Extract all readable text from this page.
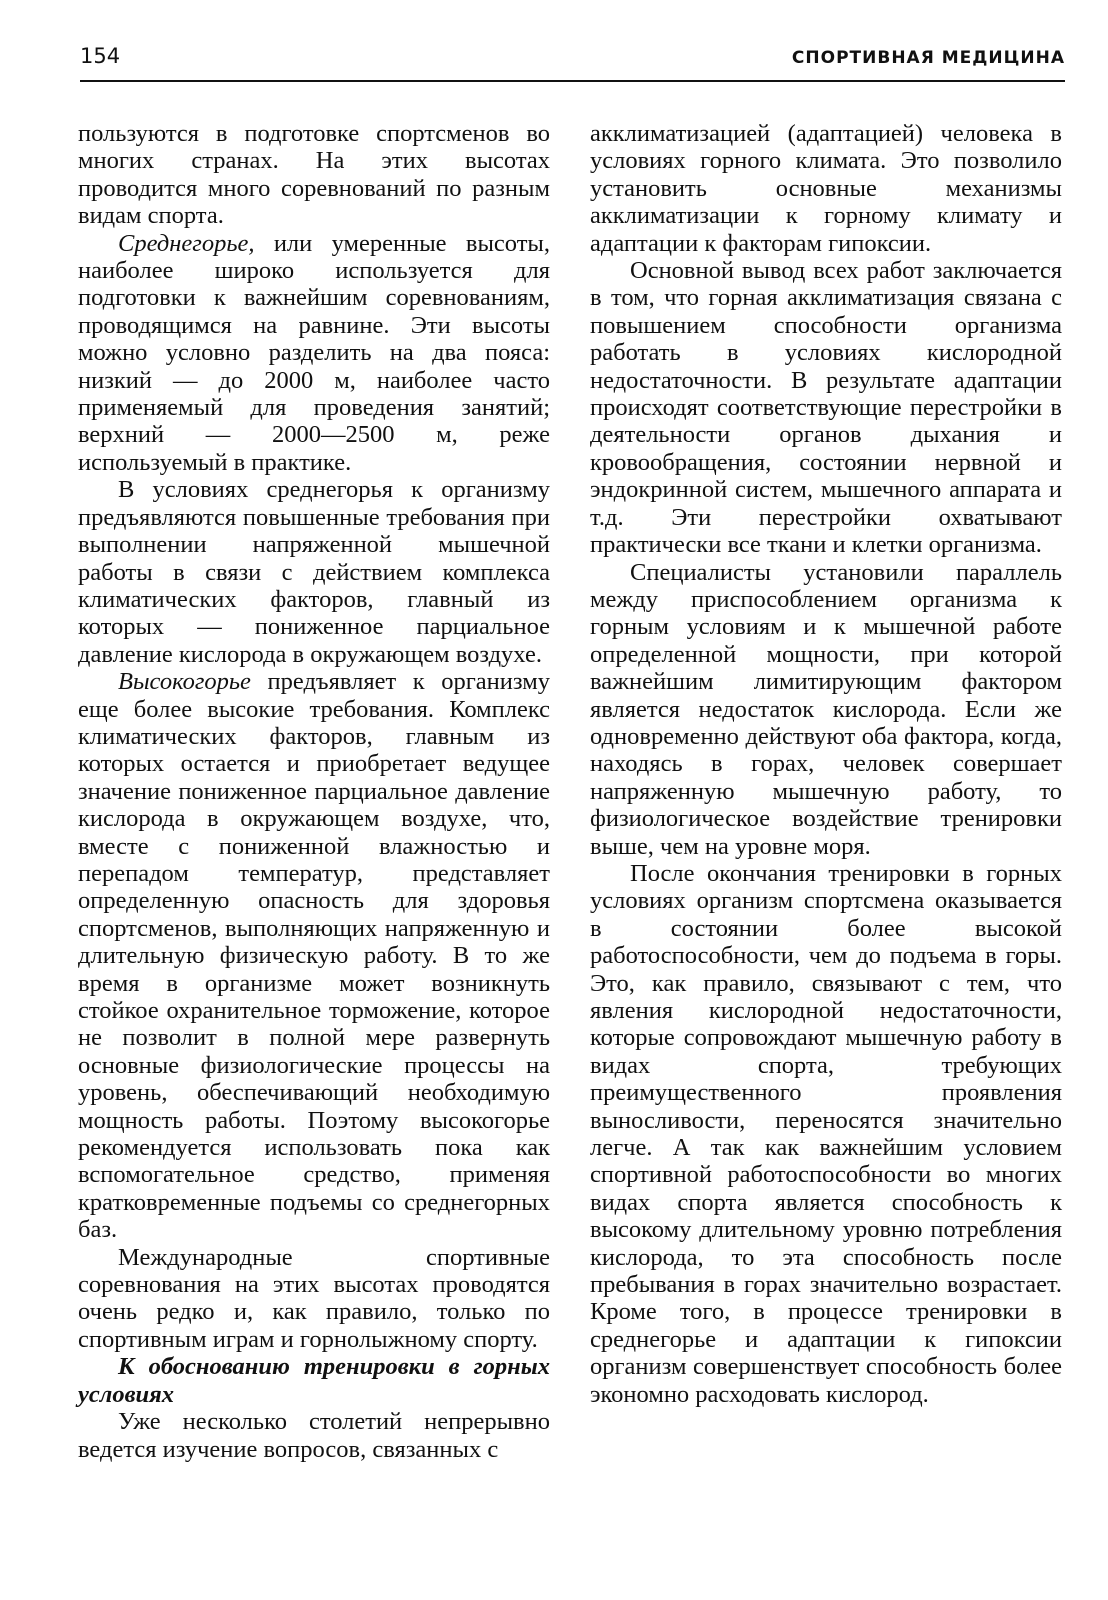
154	СПОРТИВНАЯ МЕДИЦИНА

пользуются в подготовке спортсменов во многих странах. На этих высотах проводится много соревнований по разным видам спорта.

Среднегорье, или умеренные высоты, наиболее широко используется для подготовки к важнейшим соревнованиям, проводящимся на равнине. Эти высоты можно условно разделить на два пояса: низкий — до 2000 м, наиболее часто применяемый для проведения занятий; верхний — 2000—2500 м, реже используемый в практике.

В условиях среднегорья к организму предъявляются повышенные требования при выполнении напряженной мышечной работы в связи с действием комплекса климатических факторов, главный из которых — пониженное парциальное давление кислорода в окружающем воздухе.

Высокогорье предъявляет к организму еще более высокие требования. Комплекс климатических факторов, главным из которых остается и приобретает ведущее значение пониженное парциальное давление кислорода в окружающем воздухе, что, вместе с пониженной влажностью и перепадом температур, представляет определенную опасность для здоровья спортсменов, выполняющих напряженную и длительную физическую работу. В то же время в организме может возникнуть стойкое охранительное торможение, которое не позволит в полной мере развернуть основные физиологические процессы на уровень, обеспечивающий необходимую мощность работы. Поэтому высокогорье рекомендуется использовать пока как вспомогательное средство, применяя кратковременные подъемы со среднегорных баз.

Международные спортивные соревнования на этих высотах проводятся очень редко и, как правило, только по спортивным играм и горнолыжному спорту.

К обоснованию тренировки в горных условиях

Уже несколько столетий непрерывно ведется изучение вопросов, связанных с

акклиматизацией (адаптацией) человека в условиях горного климата. Это позволило установить основные механизмы акклиматизации к горному климату и адаптации к факторам гипоксии.

Основной вывод всех работ заключается в том, что горная акклиматизация связана с повышением способности организма работать в условиях кислородной недостаточности. В результате адаптации происходят соответствующие перестройки в деятельности органов дыхания и кровообращения, состоянии нервной и эндокринной систем, мышечного аппарата и т.д. Эти перестройки охватывают практически все ткани и клетки организма.

Специалисты установили параллель между приспособлением организма к горным условиям и к мышечной работе определенной мощности, при которой важнейшим лимитирующим фактором является недостаток кислорода. Если же одновременно действуют оба фактора, когда, находясь в горах, человек совершает напряженную мышечную работу, то физиологическое воздействие тренировки выше, чем на уровне моря.

После окончания тренировки в горных условиях организм спортсмена оказывается в состоянии более высокой работоспособности, чем до подъема в горы. Это, как правило, связывают с тем, что явления кислородной недостаточности, которые сопровождают мышечную работу в видах спорта, требующих преимущественного проявления выносливости, переносятся значительно легче. А так как важнейшим условием спортивной работоспособности во многих видах спорта является способность к высокому длительному уровню потребления кислорода, то эта способность после пребывания в горах значительно возрастает. Кроме того, в процессе тренировки в среднегорье и адаптации к гипоксии организм совершенствует способность более экономно расходовать кислород.
